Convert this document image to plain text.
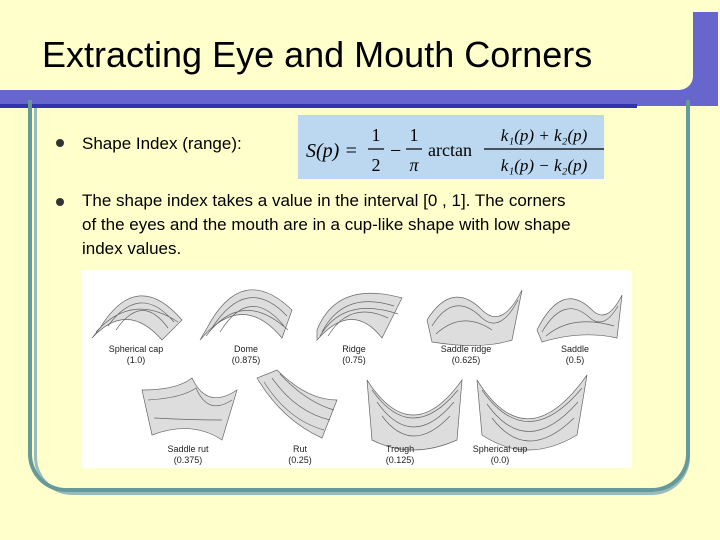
Extracting Eye and Mouth Corners
Shape Index (range):	S(p) =
1
2
−
1
π
arctan
k₁(p) + k₂(p)
k₁(p) − k₂(p)
The shape index takes a value in the interval [0 , 1]. The corners
of the eyes and the mouth are in a cup-like shape with low shape
index values.
Spherical cap
(1.0)
Dome
(0.875)
Ridge
(0.75)
Saddle ridge
(0.625)
Saddle
(0.5)
Saddle rut
(0.375)
Rut
(0.25)
Trough
(0.125)
Spherical cup
(0.0)
